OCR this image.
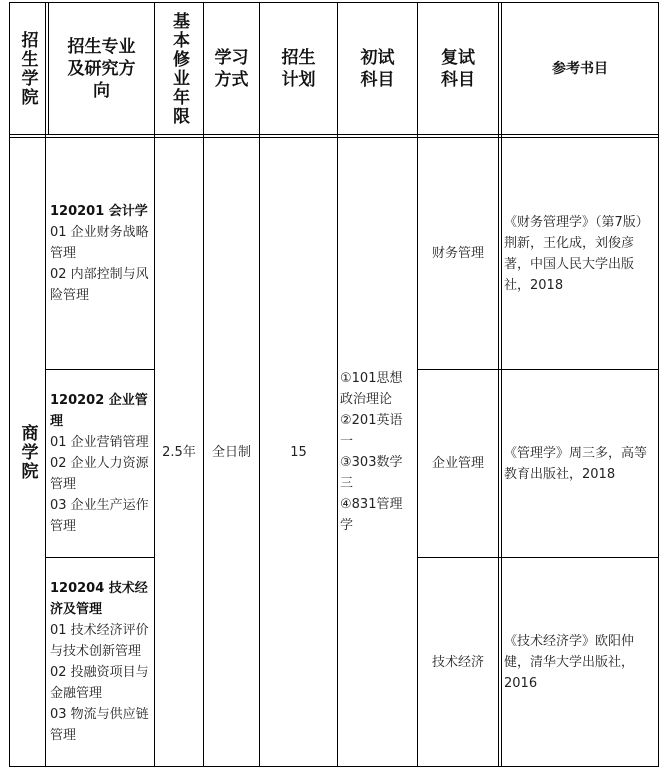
招生学院 招生专业及研究方向	基本修业年限 学习方式
招生计划
初试科目
复试科目
参考书目
商学院
120201 会计学
01 企业财务战略管理
02 内部控制与风险管理
120202 企业管理
01 企业营销管理
02 企业人力资源管理
03 企业生产运作管理
120204 技术经济及管理
01 技术经济评价与技术创新管理
02 投融资项目与金融管理
03 物流与供应链管理
2.5年 全日制	15
①101思想政治理论
②201英语一
③303数学三
④831管理学
财务管理
企业管理
技术经济
《财务管理学》（第7版）荆新，王化成，刘俊彦著，中国人民大学出版社，2018
《管理学》周三多，高等教育出版社，2018
《技术经济学》欧阳仲健，清华大学出版社，2016
